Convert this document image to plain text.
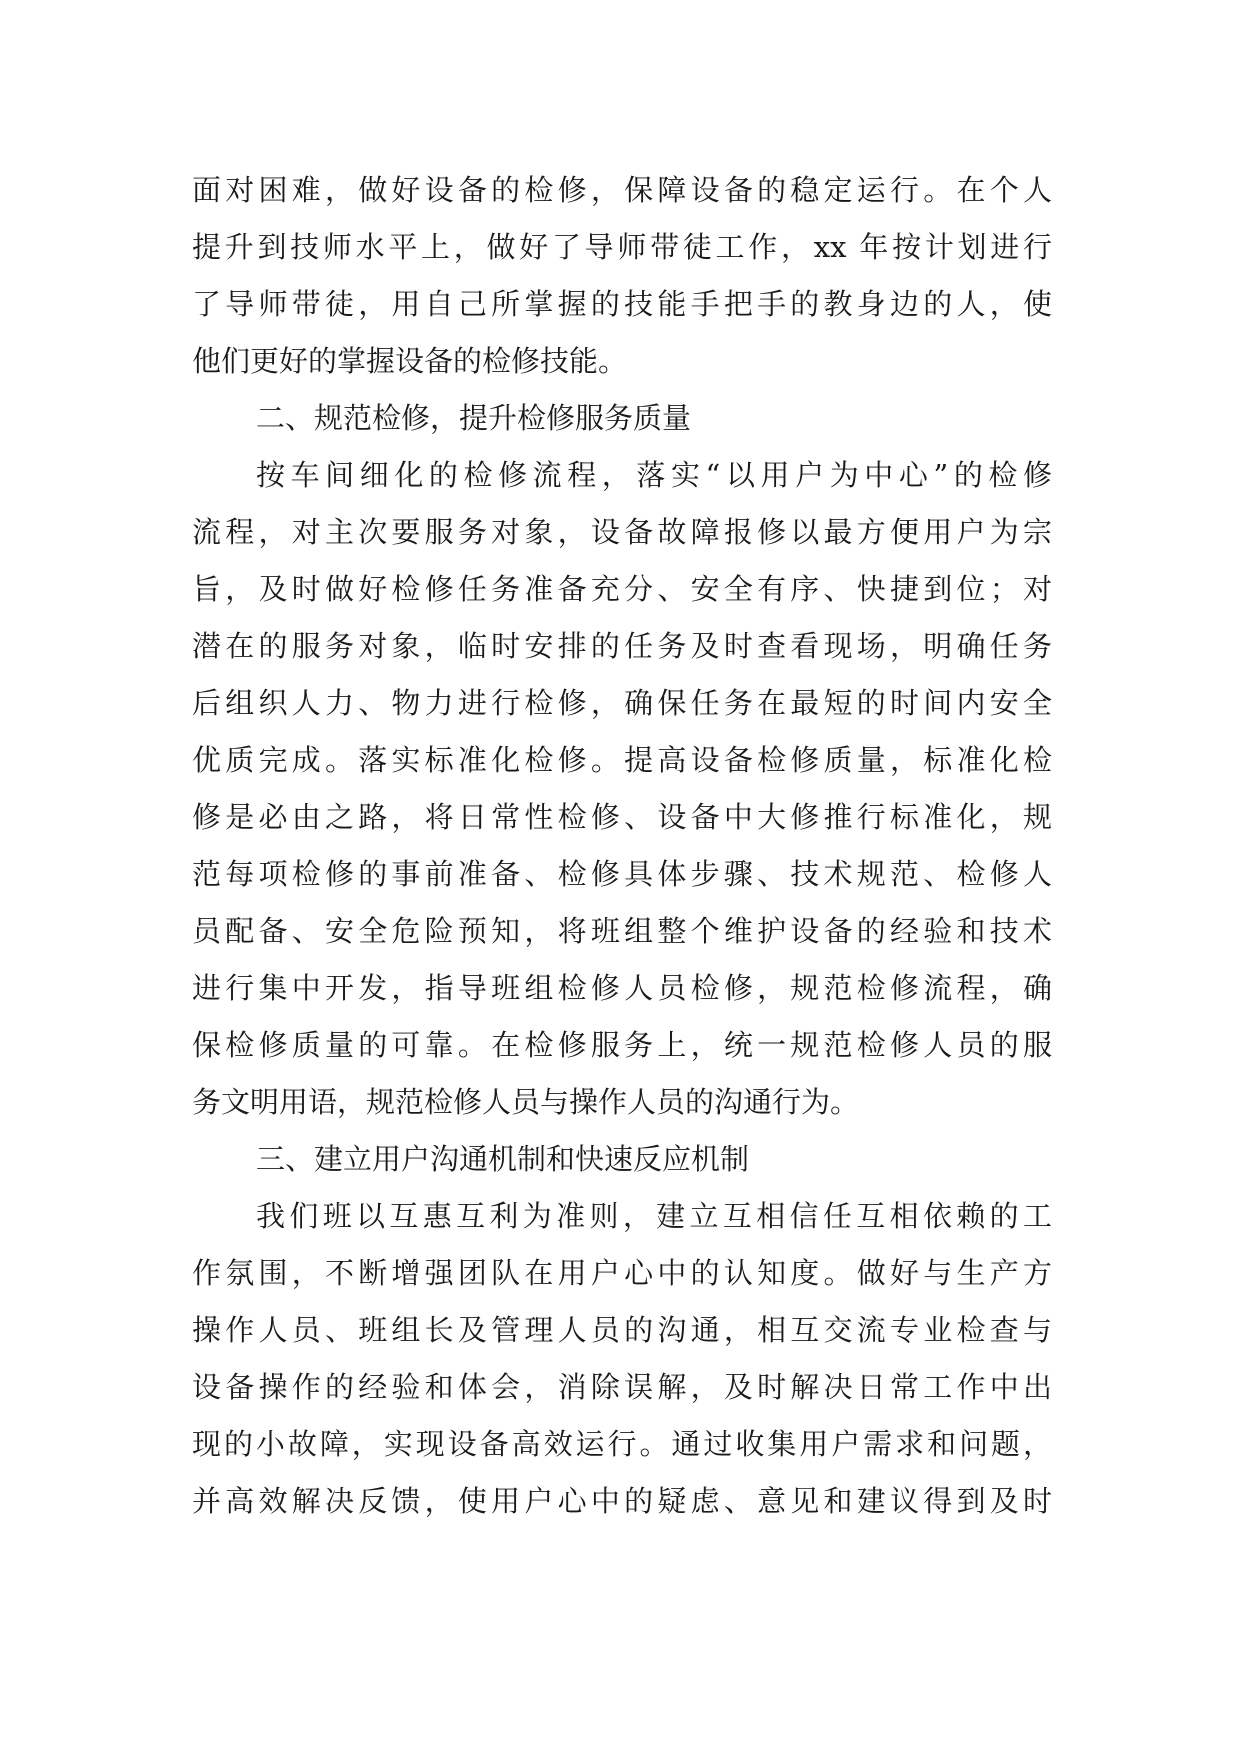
面对困难，做好设备的检修，保障设备的稳定运行。在个人
提升到技师水平上，做好了导师带徒工作，xx 年按计划进行
了导师带徒，用自己所掌握的技能手把手的教身边的人，使
他们更好的掌握设备的检修技能。
二、规范检修，提升检修服务质量
按车间细化的检修流程，落实“以用户为中心”的检修
流程，对主次要服务对象，设备故障报修以最方便用户为宗
旨，及时做好检修任务准备充分、安全有序、快捷到位；对
潜在的服务对象，临时安排的任务及时查看现场，明确任务
后组织人力、物力进行检修，确保任务在最短的时间内安全
优质完成。落实标准化检修。提高设备检修质量，标准化检
修是必由之路，将日常性检修、设备中大修推行标准化，规
范每项检修的事前准备、检修具体步骤、技术规范、检修人
员配备、安全危险预知，将班组整个维护设备的经验和技术
进行集中开发，指导班组检修人员检修，规范检修流程，确
保检修质量的可靠。在检修服务上，统一规范检修人员的服
务文明用语，规范检修人员与操作人员的沟通行为。
三、建立用户沟通机制和快速反应机制
我们班以互惠互利为准则，建立互相信任互相依赖的工
作氛围，不断增强团队在用户心中的认知度。做好与生产方
操作人员、班组长及管理人员的沟通，相互交流专业检查与
设备操作的经验和体会，消除误解，及时解决日常工作中出
现的小故障，实现设备高效运行。通过收集用户需求和问题，
并高效解决反馈，使用户心中的疑虑、意见和建议得到及时
